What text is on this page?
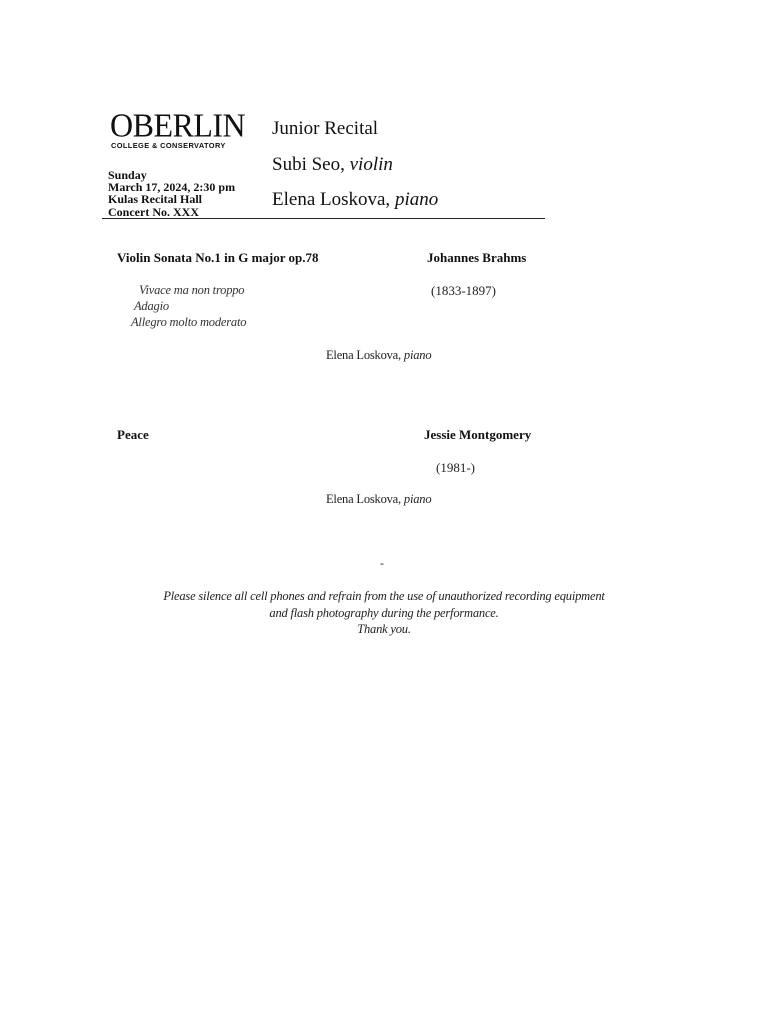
OBERLIN
COLLEGE & CONSERVATORY
Sunday
March 17, 2024, 2:30 pm
Kulas Recital Hall
Concert No. XXX
Junior Recital
Subi Seo, violin
Elena Loskova, piano
Violin Sonata No.1 in G major op.78	Johannes Brahms
Vivace ma non troppo
Adagio
Allegro molto moderato
(1833-1897)
Elena Loskova, piano
Peace	Jessie Montgomery
(1981-)
Elena Loskova, piano
-
Please silence all cell phones and refrain from the use of unauthorized recording equipment
and flash photography during the performance.
Thank you.
